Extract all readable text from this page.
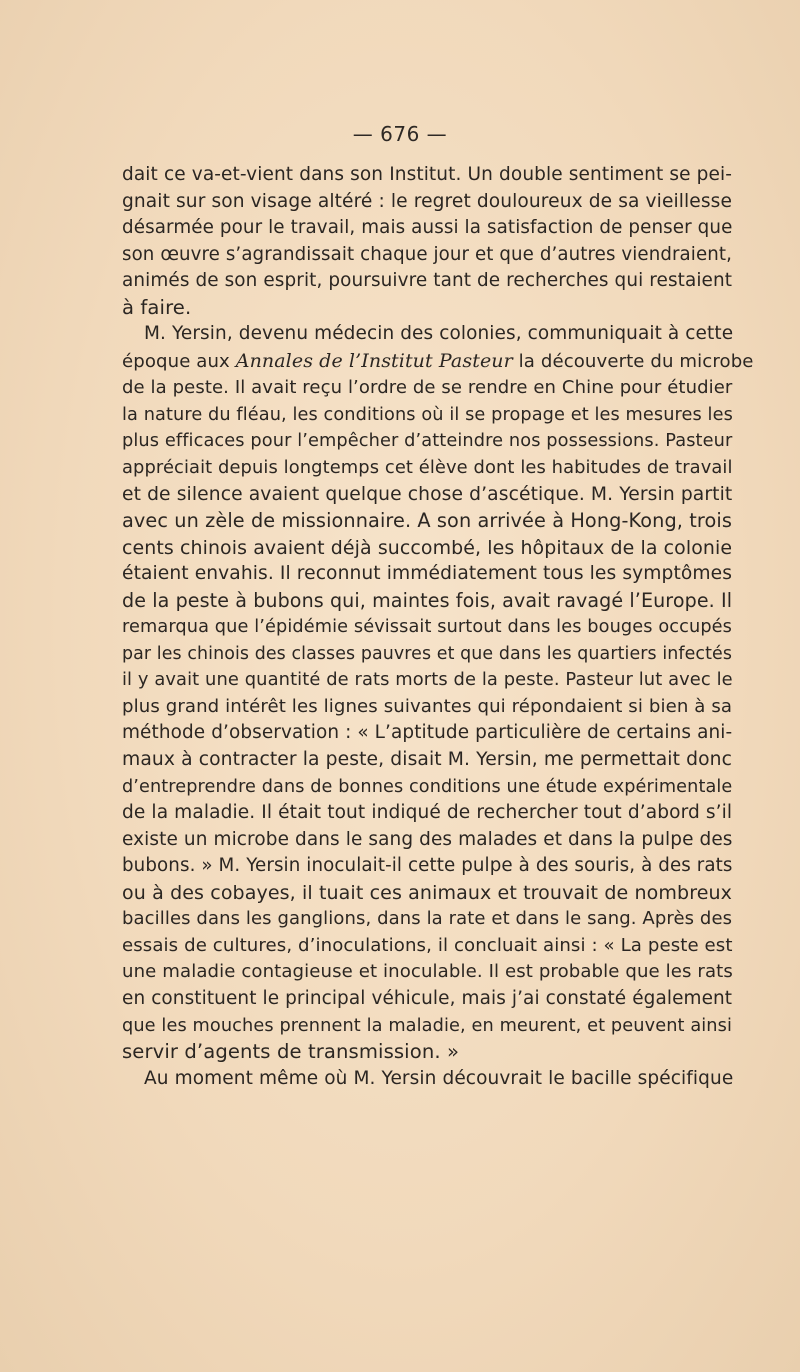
— 676 —
dait ce va-et-vient dans son Institut. Un double sentiment se pei-
gnait sur son visage altéré : le regret douloureux de sa vieillesse
désarmée pour le travail, mais aussi la satisfaction de penser que
son œuvre s’agrandissait chaque jour et que d’autres viendraient,
animés de son esprit, poursuivre tant de recherches qui restaient
à faire.
M. Yersin, devenu médecin des colonies, communiquait à cette
époque aux Annales de l’Institut Pasteur la découverte du microbe
de la peste. Il avait reçu l’ordre de se rendre en Chine pour étudier
la nature du fléau, les conditions où il se propage et les mesures les
plus efficaces pour l’empêcher d’atteindre nos possessions. Pasteur
appréciait depuis longtemps cet élève dont les habitudes de travail
et de silence avaient quelque chose d’ascétique. M. Yersin partit
avec un zèle de missionnaire. A son arrivée à Hong-Kong, trois
cents chinois avaient déjà succombé, les hôpitaux de la colonie
étaient envahis. Il reconnut immédiatement tous les symptômes
de la peste à bubons qui, maintes fois, avait ravagé l’Europe. Il
remarqua que l’épidémie sévissait surtout dans les bouges occupés
par les chinois des classes pauvres et que dans les quartiers infectés
il y avait une quantité de rats morts de la peste. Pasteur lut avec le
plus grand intérêt les lignes suivantes qui répondaient si bien à sa
méthode d’observation : « L’aptitude particulière de certains ani-
maux à contracter la peste, disait M. Yersin, me permettait donc
d’entreprendre dans de bonnes conditions une étude expérimentale
de la maladie. Il était tout indiqué de rechercher tout d’abord s’il
existe un microbe dans le sang des malades et dans la pulpe des
bubons. » M. Yersin inoculait-il cette pulpe à des souris, à des rats
ou à des cobayes, il tuait ces animaux et trouvait de nombreux
bacilles dans les ganglions, dans la rate et dans le sang. Après des
essais de cultures, d’inoculations, il concluait ainsi : « La peste est
une maladie contagieuse et inoculable. Il est probable que les rats
en constituent le principal véhicule, mais j’ai constaté également
que les mouches prennent la maladie, en meurent, et peuvent ainsi
servir d’agents de transmission. »
Au moment même où M. Yersin découvrait le bacille spécifique
